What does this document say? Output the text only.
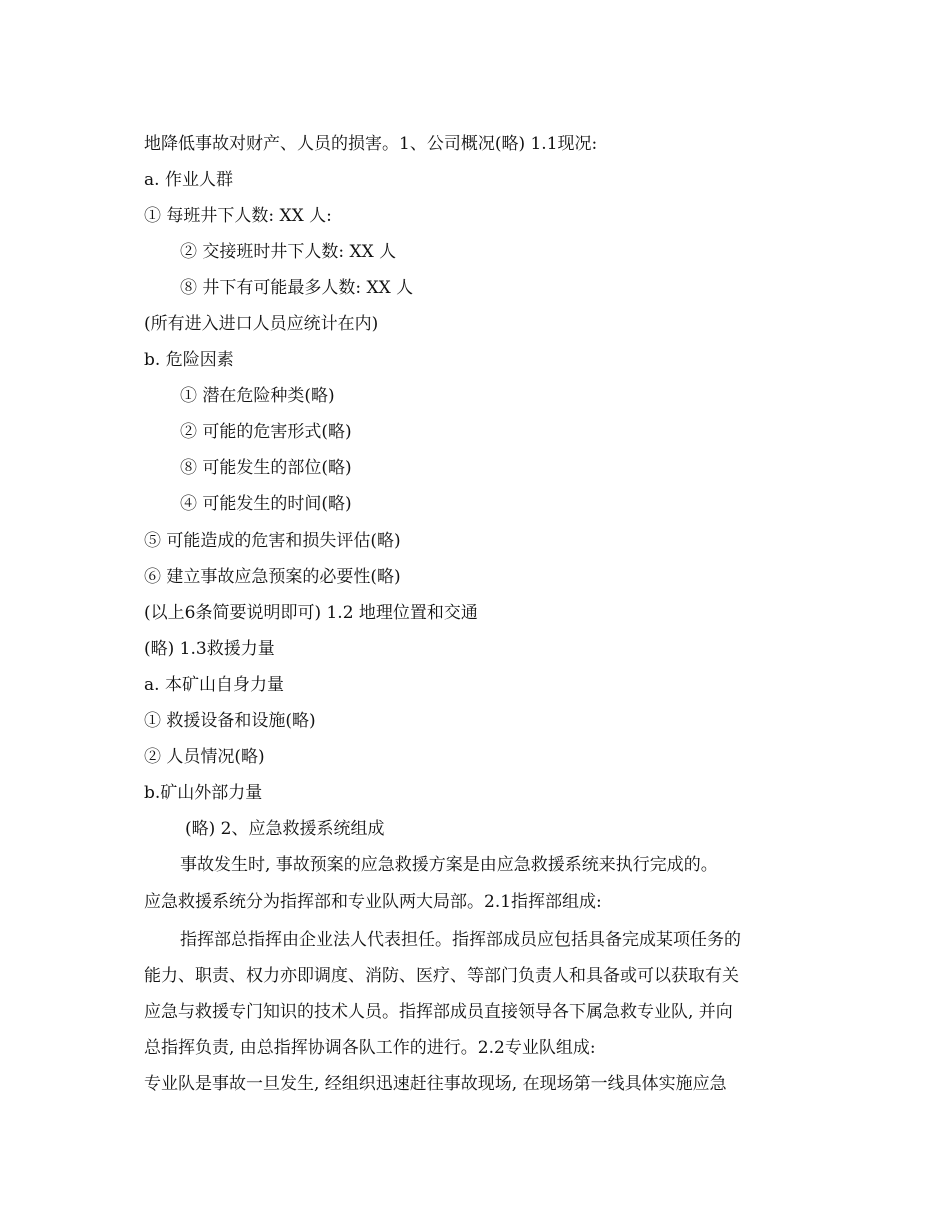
地降低事故对财产、人员的损害。1、公司概况(略) 1.1现况:

a. 作业人群

① 每班井下人数: XX 人:

② 交接班时井下人数: XX 人

⑧ 井下有可能最多人数: XX 人

(所有进入进口人员应统计在内)

b. 危险因素

① 潜在危险种类(略)

② 可能的危害形式(略)

⑧ 可能发生的部位(略)

④ 可能发生的时间(略)

⑤ 可能造成的危害和损失评估(略)

⑥ 建立事故应急预案的必要性(略)

(以上6条简要说明即可) 1.2 地理位置和交通

(略) 1.3救援力量

a. 本矿山自身力量

① 救援设备和设施(略)

② 人员情况(略)

b.矿山外部力量

(略) 2、应急救援系统组成

事故发生时, 事故预案的应急救援方案是由应急救援系统来执行完成的。

应急救援系统分为指挥部和专业队两大局部。2.1指挥部组成:

指挥部总指挥由企业法人代表担任。指挥部成员应包括具备完成某项任务的

能力、职责、权力亦即调度、消防、医疗、等部门负责人和具备或可以获取有关

应急与救援专门知识的技术人员。指挥部成员直接领导各下属急救专业队, 并向

总指挥负责, 由总指挥协调各队工作的进行。2.2专业队组成:

专业队是事故一旦发生, 经组织迅速赶往事故现场, 在现场第一线具体实施应急
